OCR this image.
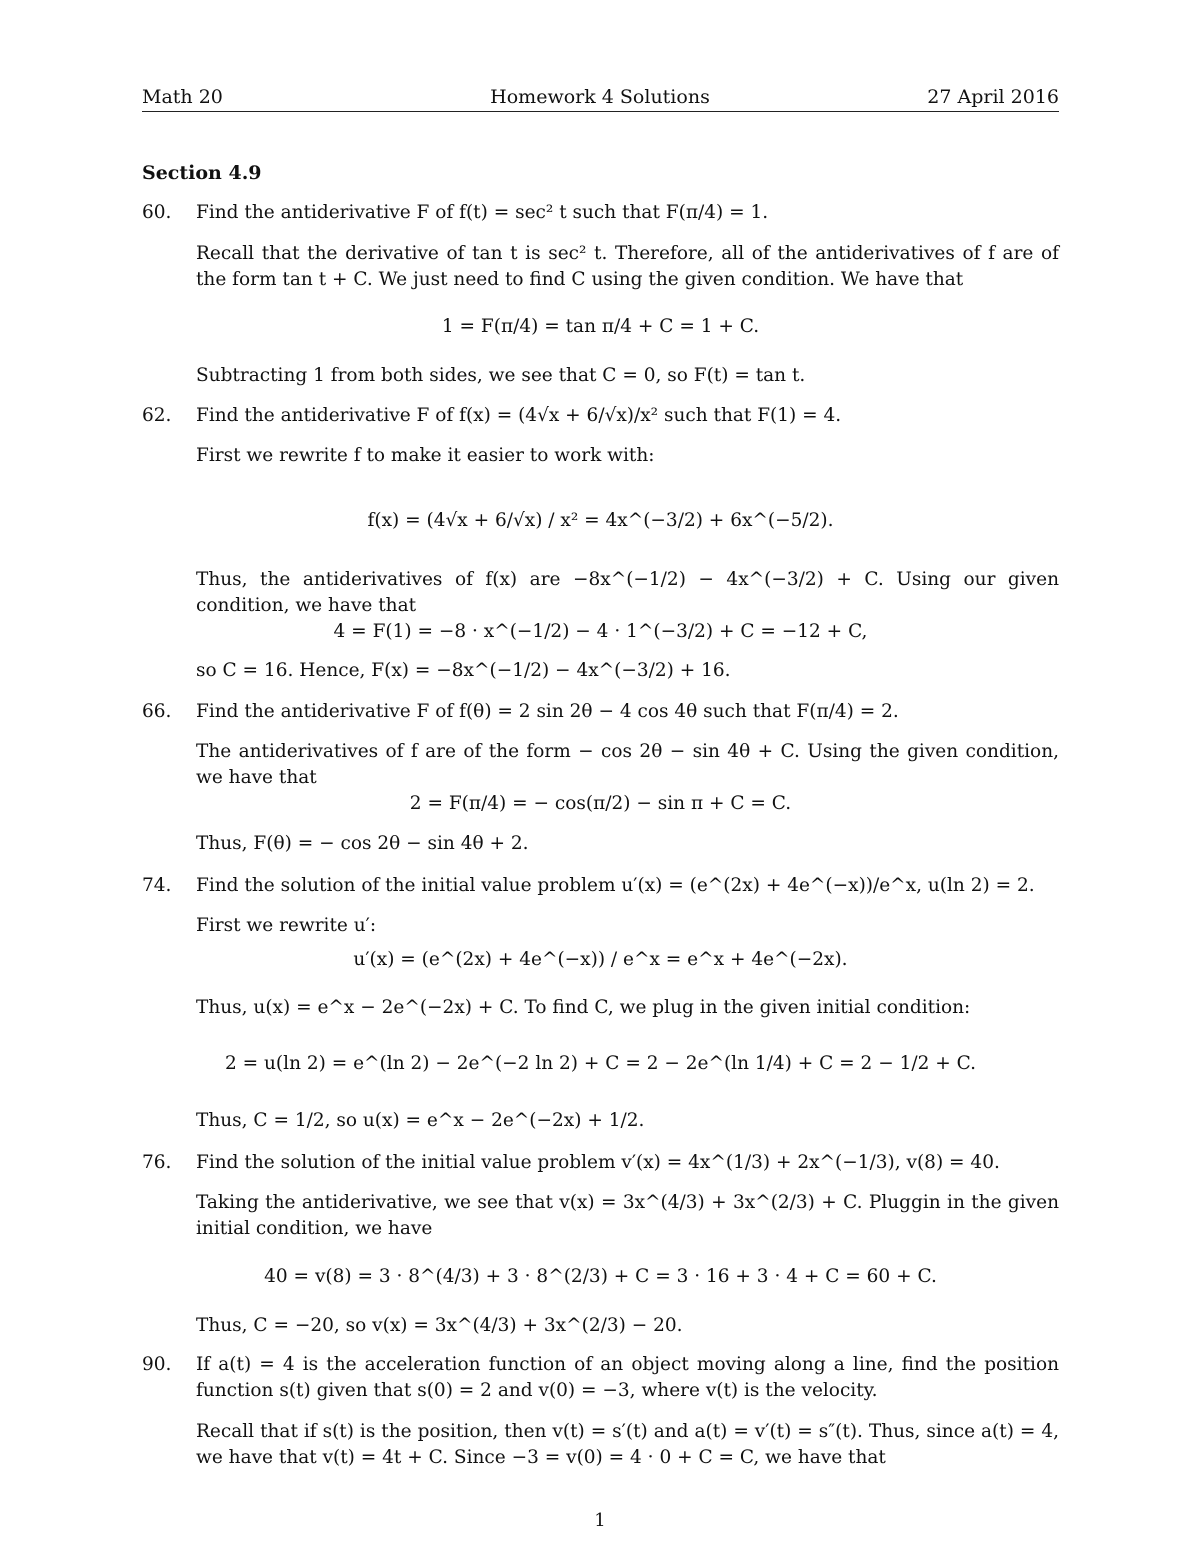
Math 20	Homework 4 Solutions	27 April 2016
Section 4.9
60. Find the antiderivative F of f(t) = sec² t such that F(π/4) = 1.
Recall that the derivative of tan t is sec² t. Therefore, all of the antiderivatives of f are of the form tan t + C. We just need to find C using the given condition. We have that
1 = F(π/4) = tan π/4 + C = 1 + C.
Subtracting 1 from both sides, we see that C = 0, so F(t) = tan t.
62. Find the antiderivative F of f(x) = (4√x + 6/√x)/x² such that F(1) = 4.
First we rewrite f to make it easier to work with:
f(x) = (4√x + 6/√x) / x² = 4x^(−3/2) + 6x^(−5/2).
Thus, the antiderivatives of f(x) are −8x^(−1/2) − 4x^(−3/2) + C. Using our given condition, we have that
4 = F(1) = −8 · x^(−1/2) − 4 · 1^(−3/2) + C = −12 + C,
so C = 16. Hence, F(x) = −8x^(−1/2) − 4x^(−3/2) + 16.
66. Find the antiderivative F of f(θ) = 2 sin 2θ − 4 cos 4θ such that F(π/4) = 2.
The antiderivatives of f are of the form − cos 2θ − sin 4θ + C. Using the given condition, we have that
2 = F(π/4) = − cos(π/2) − sin π + C = C.
Thus, F(θ) = − cos 2θ − sin 4θ + 2.
74. Find the solution of the initial value problem u′(x) = (e^(2x) + 4e^(−x))/e^x, u(ln 2) = 2.
First we rewrite u′:
u′(x) = (e^(2x) + 4e^(−x)) / e^x = e^x + 4e^(−2x).
Thus, u(x) = e^x − 2e^(−2x) + C. To find C, we plug in the given initial condition:
2 = u(ln 2) = e^(ln 2) − 2e^(−2 ln 2) + C = 2 − 2e^(ln 1/4) + C = 2 − 1/2 + C.
Thus, C = 1/2, so u(x) = e^x − 2e^(−2x) + 1/2.
76. Find the solution of the initial value problem v′(x) = 4x^(1/3) + 2x^(−1/3), v(8) = 40.
Taking the antiderivative, we see that v(x) = 3x^(4/3) + 3x^(2/3) + C. Pluggin in the given initial condition, we have
40 = v(8) = 3 · 8^(4/3) + 3 · 8^(2/3) + C = 3 · 16 + 3 · 4 + C = 60 + C.
Thus, C = −20, so v(x) = 3x^(4/3) + 3x^(2/3) − 20.
90. If a(t) = 4 is the acceleration function of an object moving along a line, find the position function s(t) given that s(0) = 2 and v(0) = −3, where v(t) is the velocity.
Recall that if s(t) is the position, then v(t) = s′(t) and a(t) = v′(t) = s″(t). Thus, since a(t) = 4, we have that v(t) = 4t + C. Since −3 = v(0) = 4 · 0 + C = C, we have that
1
